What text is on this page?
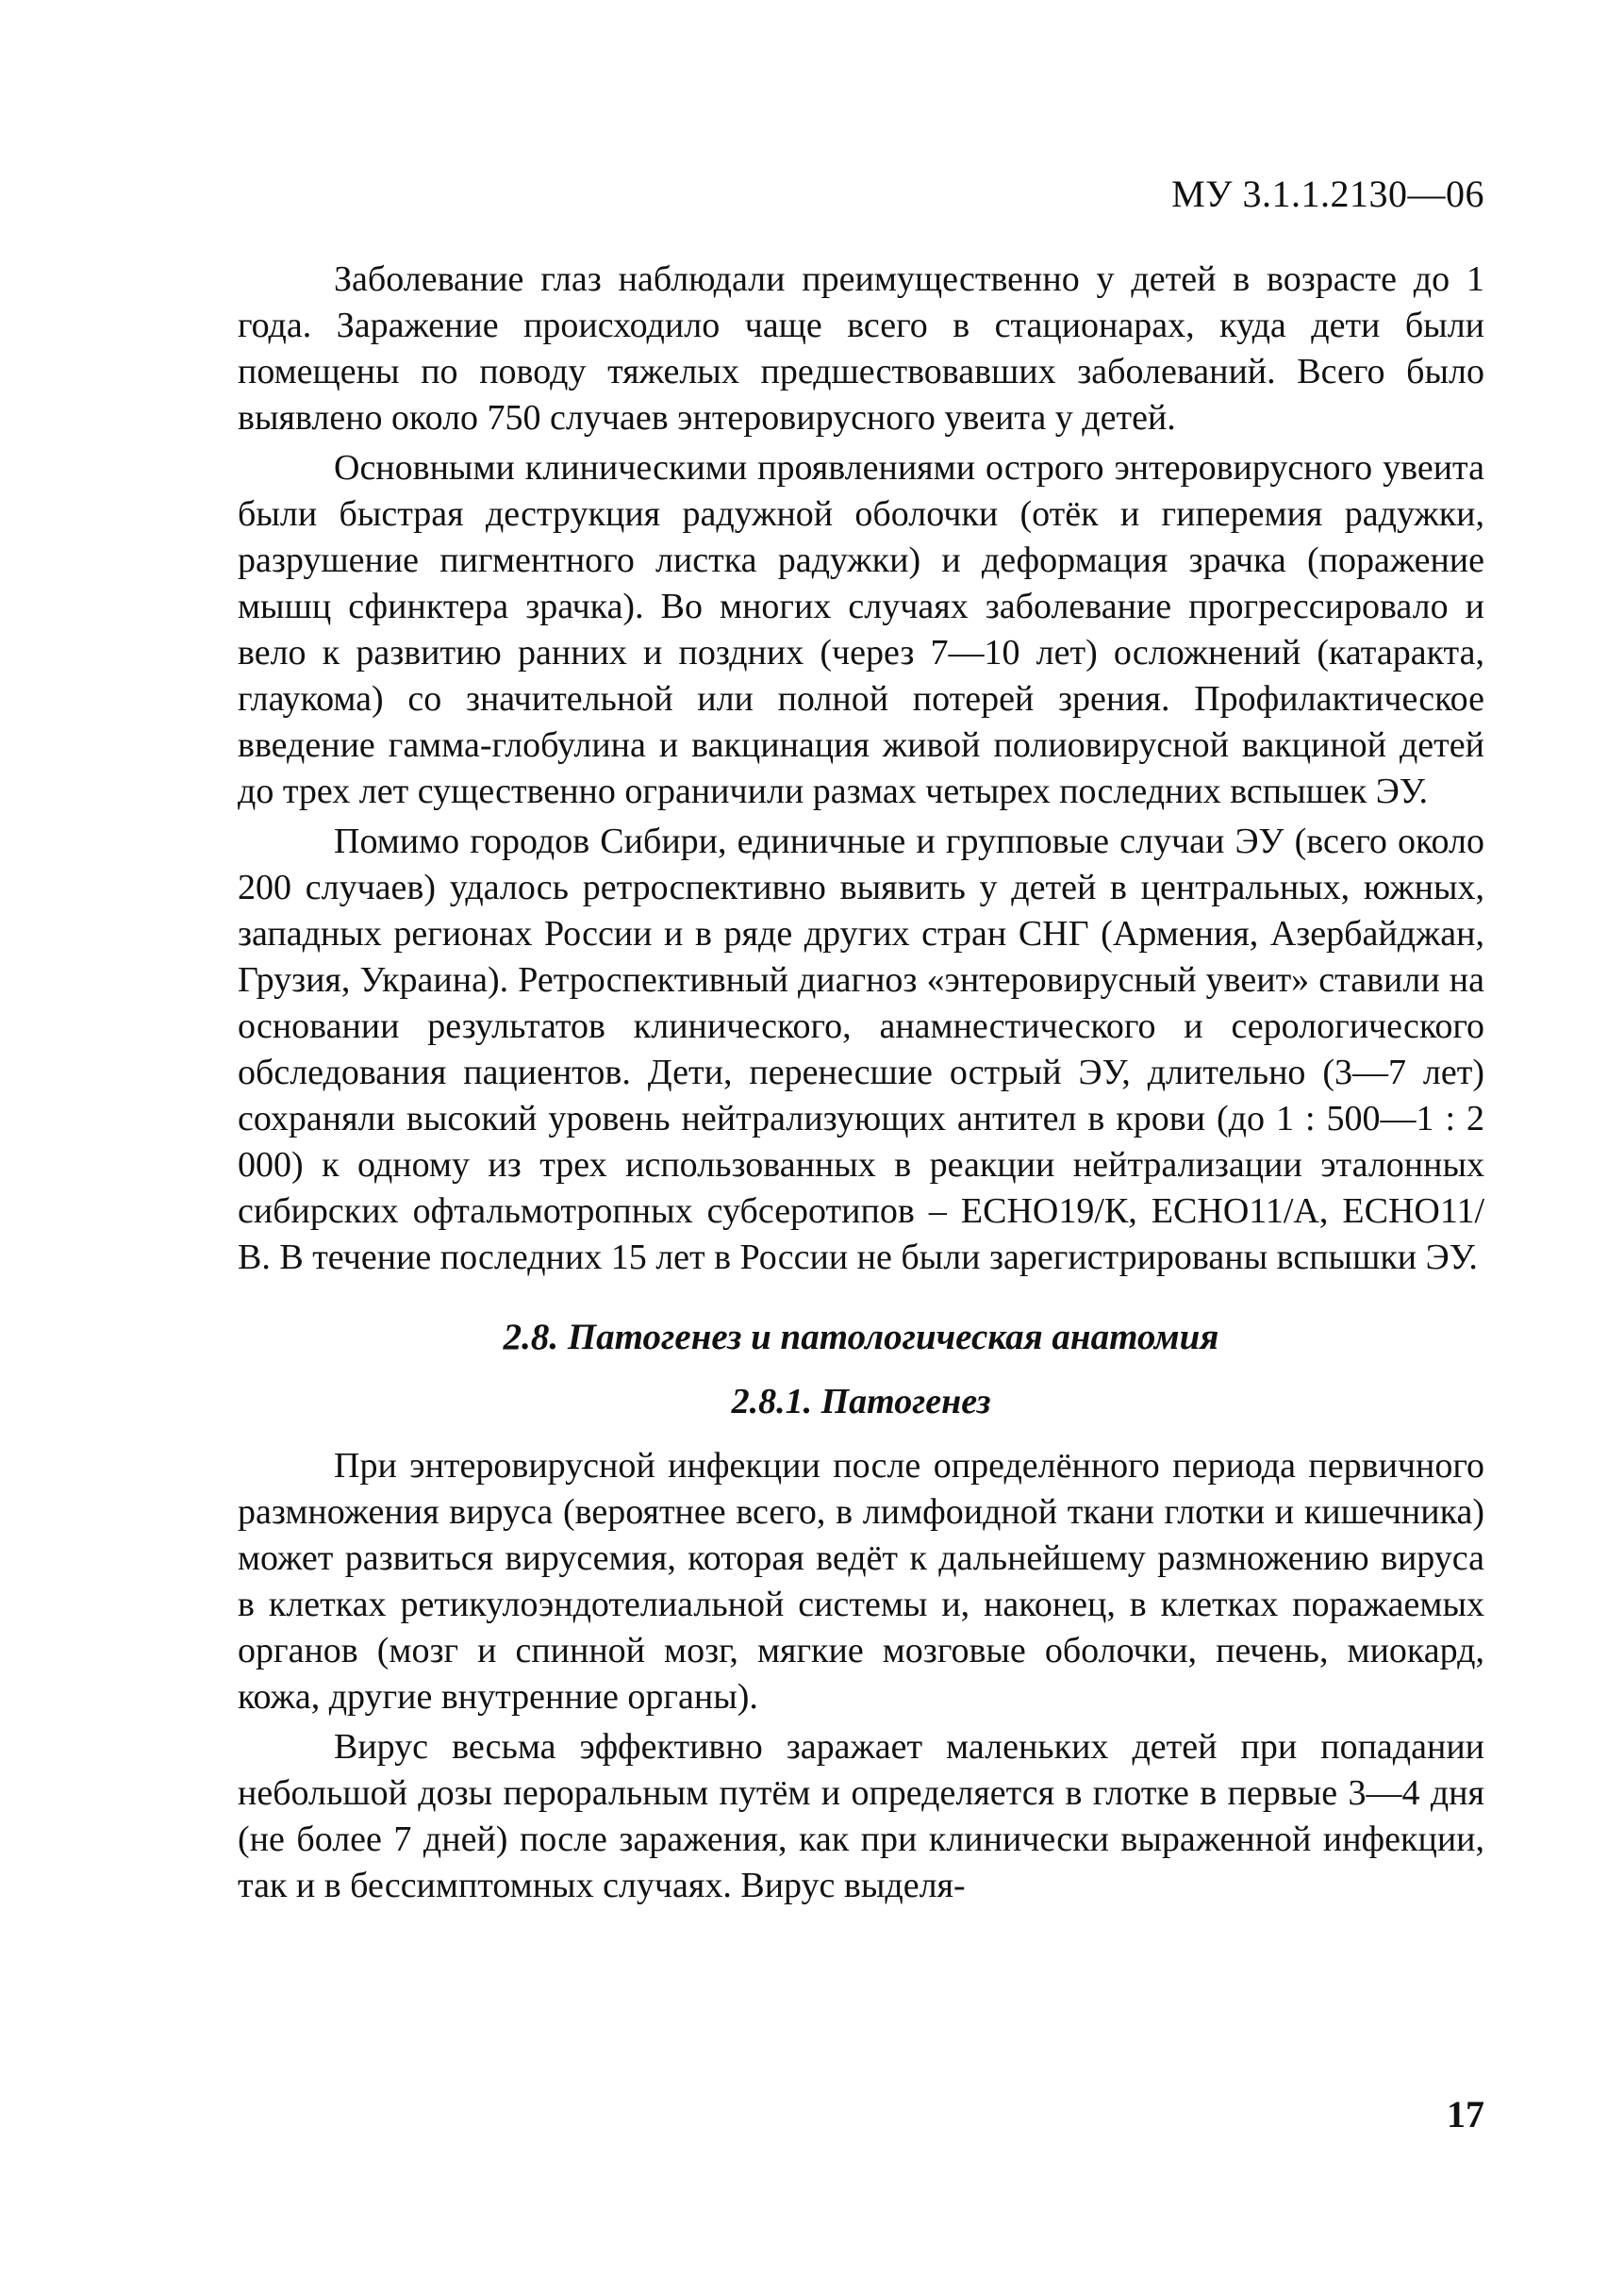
МУ 3.1.1.2130—06

Заболевание глаз наблюдали преимущественно у детей в возрасте до 1 года. Заражение происходило чаще всего в стационарах, куда дети были помещены по поводу тяжелых предшествовавших заболеваний. Всего было выявлено около 750 случаев энтеровирусного увеита у детей.

Основными клиническими проявлениями острого энтеровирусного увеита были быстрая деструкция радужной оболочки (отёк и гиперемия радужки, разрушение пигментного листка радужки) и деформация зрачка (поражение мышц сфинктера зрачка). Во многих случаях заболевание прогрессировало и вело к развитию ранних и поздних (через 7—10 лет) осложнений (катаракта, глаукома) со значительной или полной потерей зрения. Профилактическое введение гамма-глобулина и вакцинация живой полиовирусной вакциной детей до трех лет существенно ограничили размах четырех последних вспышек ЭУ.

Помимо городов Сибири, единичные и групповые случаи ЭУ (всего около 200 случаев) удалось ретроспективно выявить у детей в центральных, южных, западных регионах России и в ряде других стран СНГ (Армения, Азербайджан, Грузия, Украина). Ретроспективный диагноз «энтеровирусный увеит» ставили на основании результатов клинического, анамнестического и серологического обследования пациентов. Дети, перенесшие острый ЭУ, длительно (3—7 лет) сохраняли высокий уровень нейтрализующих антител в крови (до 1 : 500—1 : 2 000) к одному из трех использованных в реакции нейтрализации эталонных сибирских офтальмотропных субсеротипов – ЕСНО19/К, ЕСНО11/А, ЕСНО11/В. В течение последних 15 лет в России не были зарегистрированы вспышки ЭУ.

2.8. Патогенез и патологическая анатомия
2.8.1. Патогенез

При энтеровирусной инфекции после определённого периода первичного размножения вируса (вероятнее всего, в лимфоидной ткани глотки и кишечника) может развиться вирусемия, которая ведёт к дальнейшему размножению вируса в клетках ретикулоэндотелиальной системы и, наконец, в клетках поражаемых органов (мозг и спинной мозг, мягкие мозговые оболочки, печень, миокард, кожа, другие внутренние органы).

Вирус весьма эффективно заражает маленьких детей при попадании небольшой дозы пероральным путём и определяется в глотке в первые 3—4 дня (не более 7 дней) после заражения, как при клинически выраженной инфекции, так и в бессимптомных случаях. Вирус выделя-

17
